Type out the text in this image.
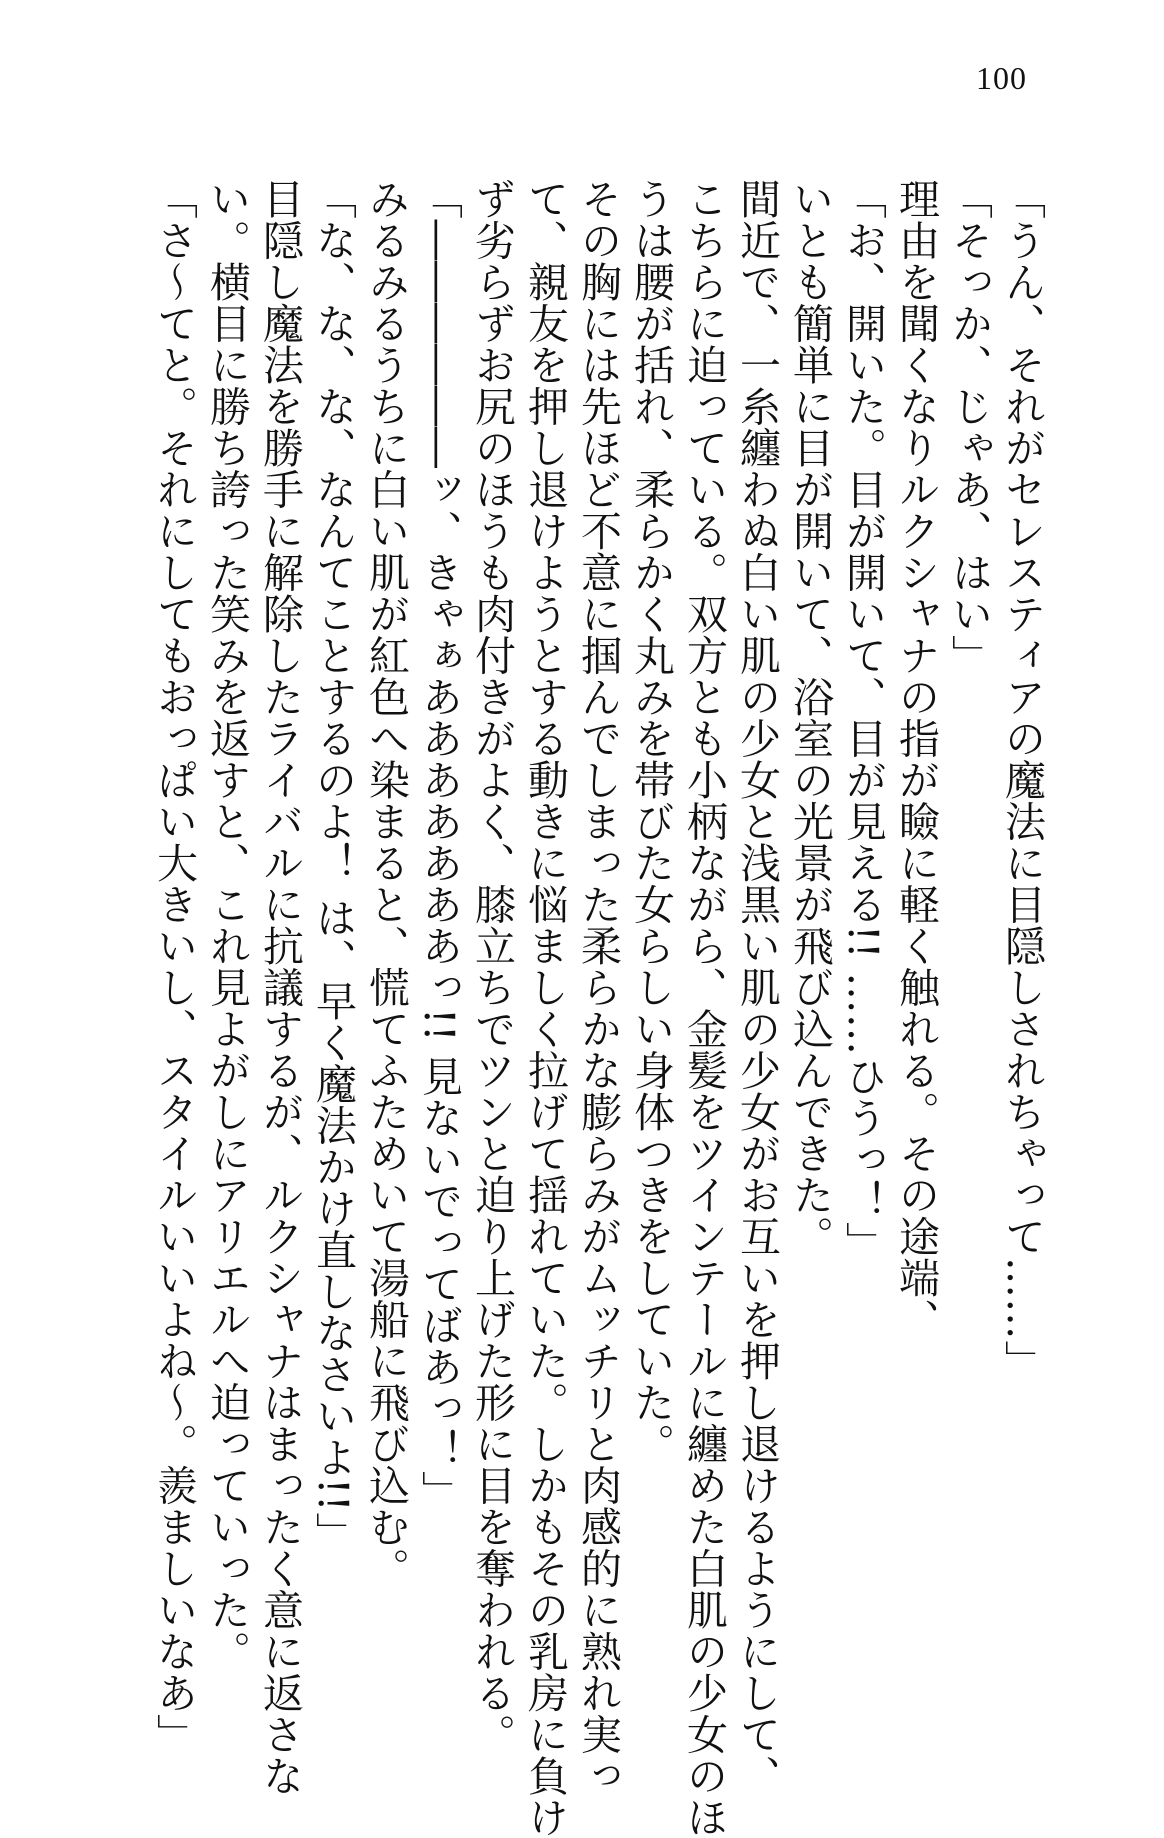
100
「うん、それがセレスティアの魔法に目隠しされちゃって……」
「そっか、じゃあ、はい」
理由を聞くなりルクシャナの指が瞼に軽く触れる。その途端、
「お、開いた。目が開いて、目が見える!! ……ひうっ！」
いとも簡単に目が開いて、浴室の光景が飛び込んできた。
間近で、一糸纏わぬ白い肌の少女と浅黒い肌の少女がお互いを押し退けるようにして、
こちらに迫っている。双方とも小柄ながら、金髪をツインテールに纏めた白肌の少女のほ
うは腰が括れ、柔らかく丸みを帯びた女らしい身体つきをしていた。
その胸には先ほど不意に掴んでしまった柔らかな膨らみがムッチリと肉感的に熟れ実っ
て、親友を押し退けようとする動きに悩ましく拉げて揺れていた。しかもその乳房に負け
ず劣らずお尻のほうも肉付きがよく、膝立ちでツンと迫り上げた形に目を奪われる。
「――――――ッ、きゃぁあああああああっ!! 見ないでってばあっ！」
みるみるうちに白い肌が紅色へ染まると、慌てふためいて湯船に飛び込む。
「な、な、な、なんてことするのよ！ は、早く魔法かけ直しなさいよ!!」
目隠し魔法を勝手に解除したライバルに抗議するが、ルクシャナはまったく意に返さな
い。横目に勝ち誇った笑みを返すと、これ見よがしにアリエルへ迫っていった。
「さ～てと。それにしてもおっぱい大きいし、スタイルいいよね～。羨ましいなあ」
